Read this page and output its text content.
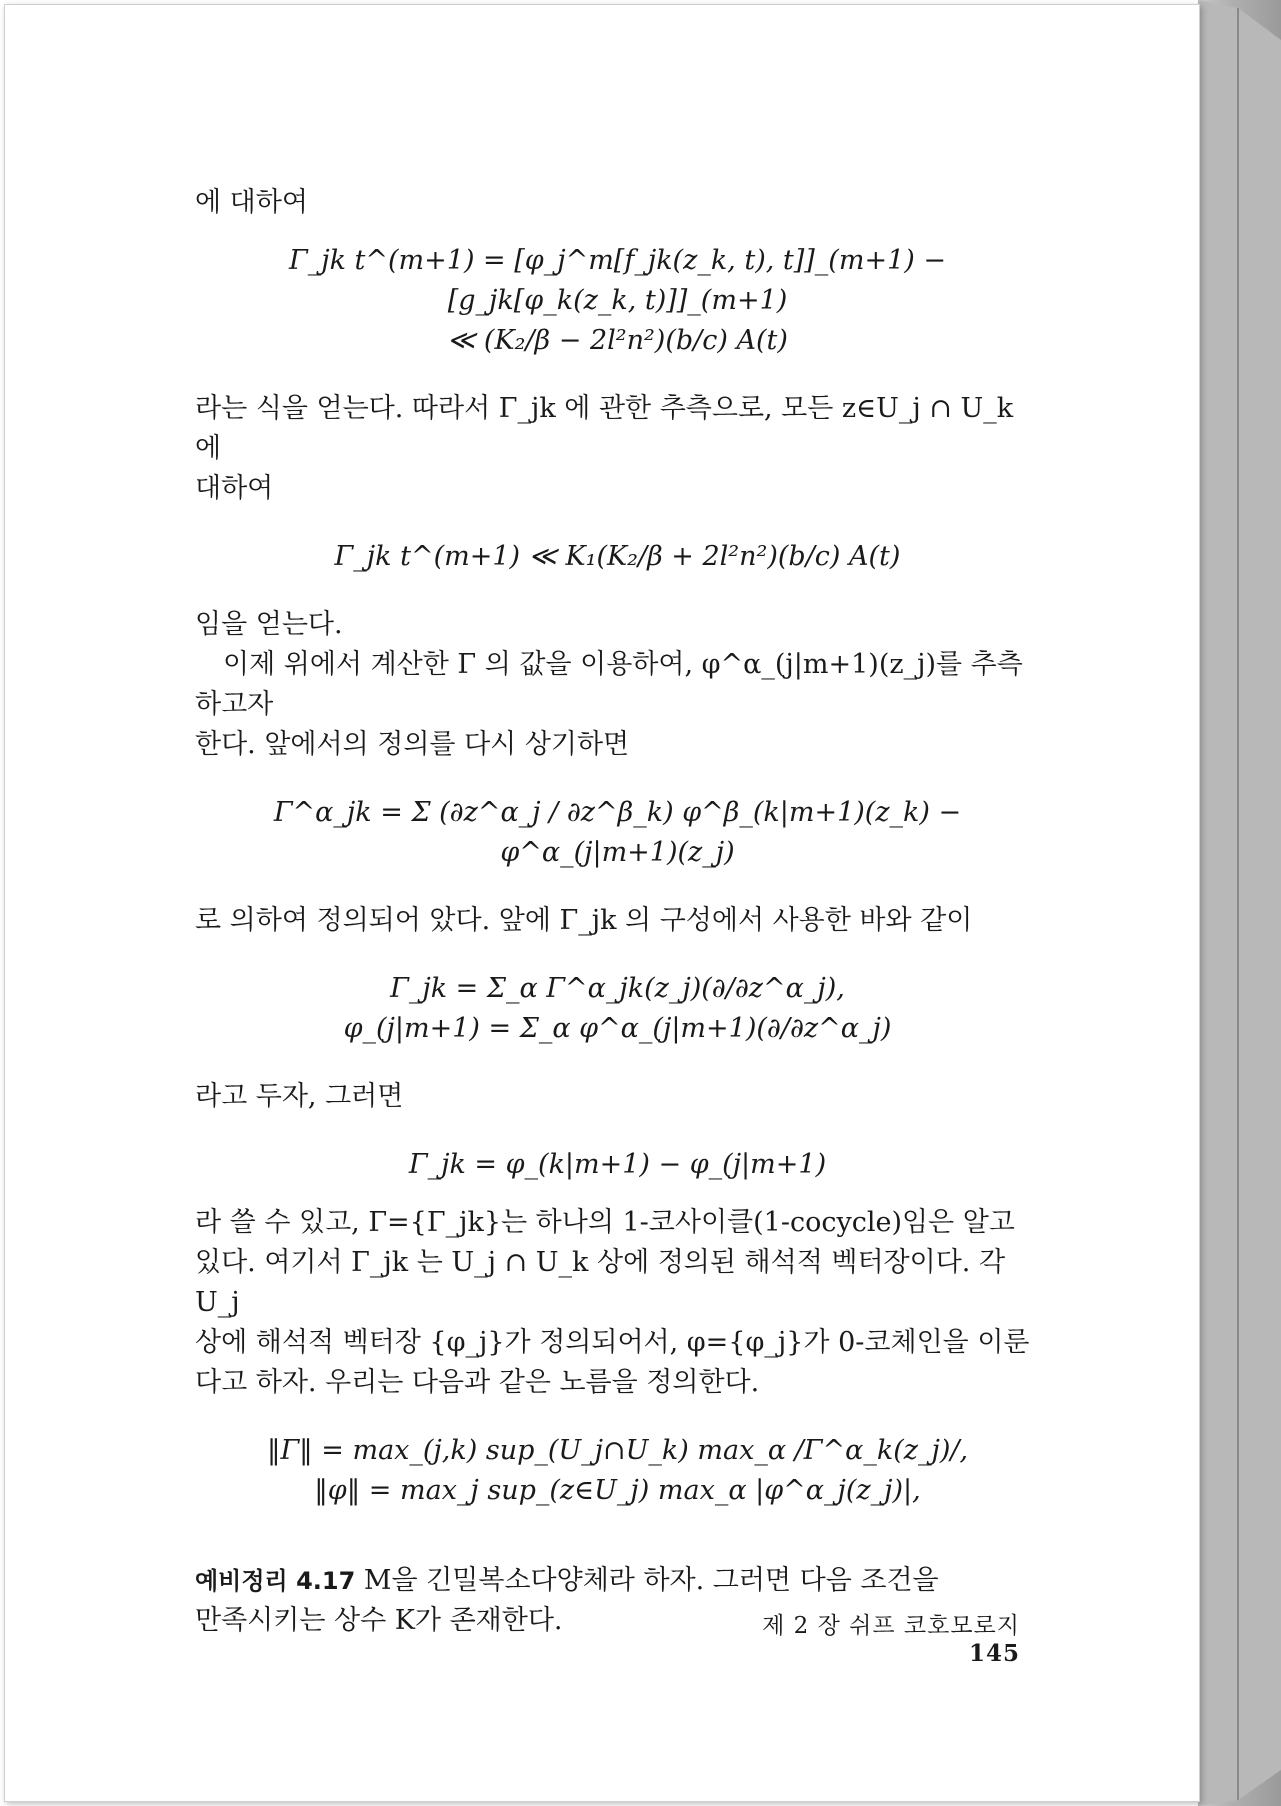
에 대하여
Γ_jk t^(m+1) = [φ_j^m[f_jk(z_k, t), t]]_(m+1) − [g_jk[φ_k(z_k, t)]]_(m+1)
≪ (K₂/β − 2l²n²)(b/c) A(t)
라는 식을 얻는다. 따라서 Γ_jk 에 관한 추측으로, 모든 z∈U_j ∩ U_k 에
대하여
Γ_jk t^(m+1) ≪ K₁(K₂/β + 2l²n²)(b/c) A(t)
임을 얻는다.
이제 위에서 계산한 Γ 의 값을 이용하여, φ^α_(j|m+1)(z_j)를 추측하고자
한다. 앞에서의 정의를 다시 상기하면
Γ^α_jk = Σ (∂z^α_j / ∂z^β_k) φ^β_(k|m+1)(z_k) − φ^α_(j|m+1)(z_j)
로 의하여 정의되어 았다. 앞에 Γ_jk 의 구성에서 사용한 바와 같이
Γ_jk = Σ_α Γ^α_jk(z_j)(∂/∂z^α_j),
φ_(j|m+1) = Σ_α φ^α_(j|m+1)(∂/∂z^α_j)
라고 두자, 그러면
Γ_jk = φ_(k|m+1) − φ_(j|m+1)
라 쓸 수 있고, Γ={Γ_jk}는 하나의 1-코사이클(1-cocycle)임은 알고
있다. 여기서 Γ_jk 는 U_j ∩ U_k 상에 정의된 해석적 벡터장이다. 각 U_j
상에 해석적 벡터장 {φ_j}가 정의되어서, φ={φ_j}가 0-코체인을 이룬
다고 하자. 우리는 다음과 같은 노름을 정의한다.
‖Γ‖ = max_(j,k) sup_(U_j∩U_k) max_α /Γ^α_k(z_j)/,
‖φ‖ = max_j sup_(z∈U_j) max_α |φ^α_j(z_j)|,
예비정리 4.17 M을 긴밀복소다양체라 하자. 그러면 다음 조건을
만족시키는 상수 K가 존재한다.	제 2 장 쉬프 코호모로지 145
